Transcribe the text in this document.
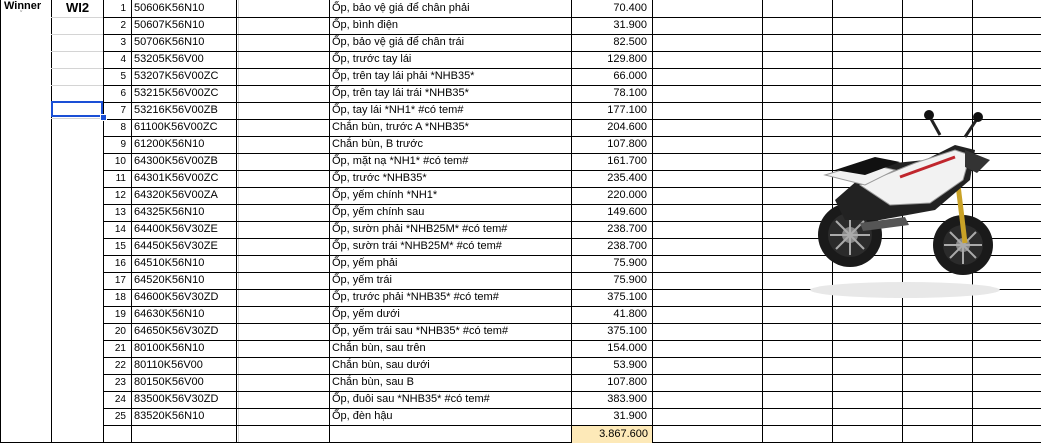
Winner
ˇ	WI2	1 50606K56N10	Ốp, bảo vệ giá để chân phải	70.400
2 50607K56N10	Ốp, bình điện	31.900
3 50706K56N10	Ốp, bảo vệ giá để chân trái	82.500
4 53205K56V00	Ốp, trước tay lái	129.800
5 53207K56V00ZC	Ốp, trên tay lái phải *NHB35*	66.000
6 53215K56V00ZC	Ốp, trên tay lái trái *NHB35*	78.100
7 53216K56V00ZB	Ốp, tay lái *NH1* #có tem#	177.100
8 61100K56V00ZC	Chắn bùn, trước A *NHB35*	204.600
9 61200K56N10	Chắn bùn, B trước	107.800
10 64300K56V00ZB	Ốp, mặt nạ *NH1* #có tem#	161.700
11 64301K56V00ZC	Ốp, trước *NHB35*	235.400
12 64320K56V00ZA	Ốp, yếm chính *NH1*	220.000
13 64325K56N10	Ốp, yếm chính sau	149.600
14 64400K56V30ZE	Ốp, sườn phải *NHB25M* #có tem#	238.700
15 64450K56V30ZE	Ốp, sườn trái *NHB25M* #có tem#	238.700
16 64510K56N10	Ốp, yếm phải	75.900
17 64520K56N10	Ốp, yếm trái	75.900
18 64600K56V30ZD	Ốp, trước phải *NHB35* #có tem#	375.100
19 64630K56N10	Ốp, yếm dưới	41.800
20 64650K56V30ZD	Ốp, yếm trái sau *NHB35* #có tem#	375.100
21 80100K56N10	Chắn bùn, sau trên	154.000
22 80110K56V00	Chắn bùn, sau dưới	53.900
23 80150K56V00	Chắn bùn, sau B	107.800
24 83500K56V30ZD	Ốp, đuôi sau *NHB35* #có tem#	383.900
25 83520K56N10	Ốp, đèn hậu	31.900
3.867.600
